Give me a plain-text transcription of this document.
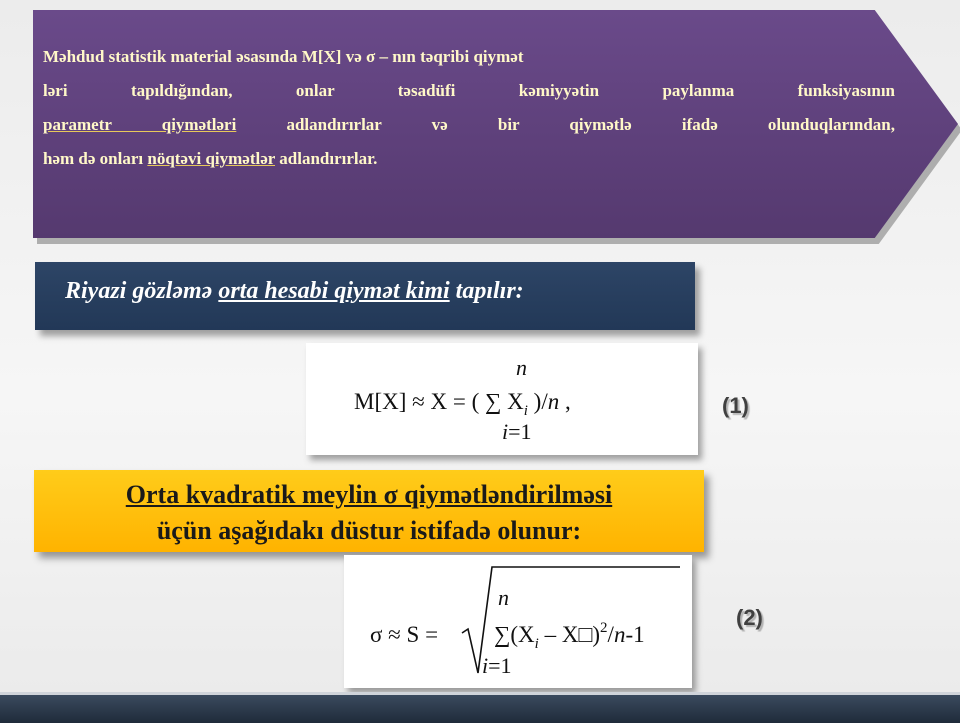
Məhdud statistik material əsasında M[X] və σ – nın təqribi qiymət
ləri tapıldığından, onlar təsadüfi kəmiyyətin paylanma funksiyasının
parametr qiymətləri adlandırırlar və bir qiymətlə ifadə olunduqlarından,
həm də onları nöqtəvi qiymətlər adlandırırlar.

Riyazi gözləmə orta hesabi qiymət kimi tapılır:

n
M[X] ≈ X = ( ∑ $X_i$ )/n ,
i=1

(1)

Orta kvadratik meylin σ qiymətləndirilməsi
üçün aşağıdakı düstur istifadə olunur:
σ ≈ S =
n
$\sum(X_i$ – X□)$^2$/n-1
i=1

(2)
